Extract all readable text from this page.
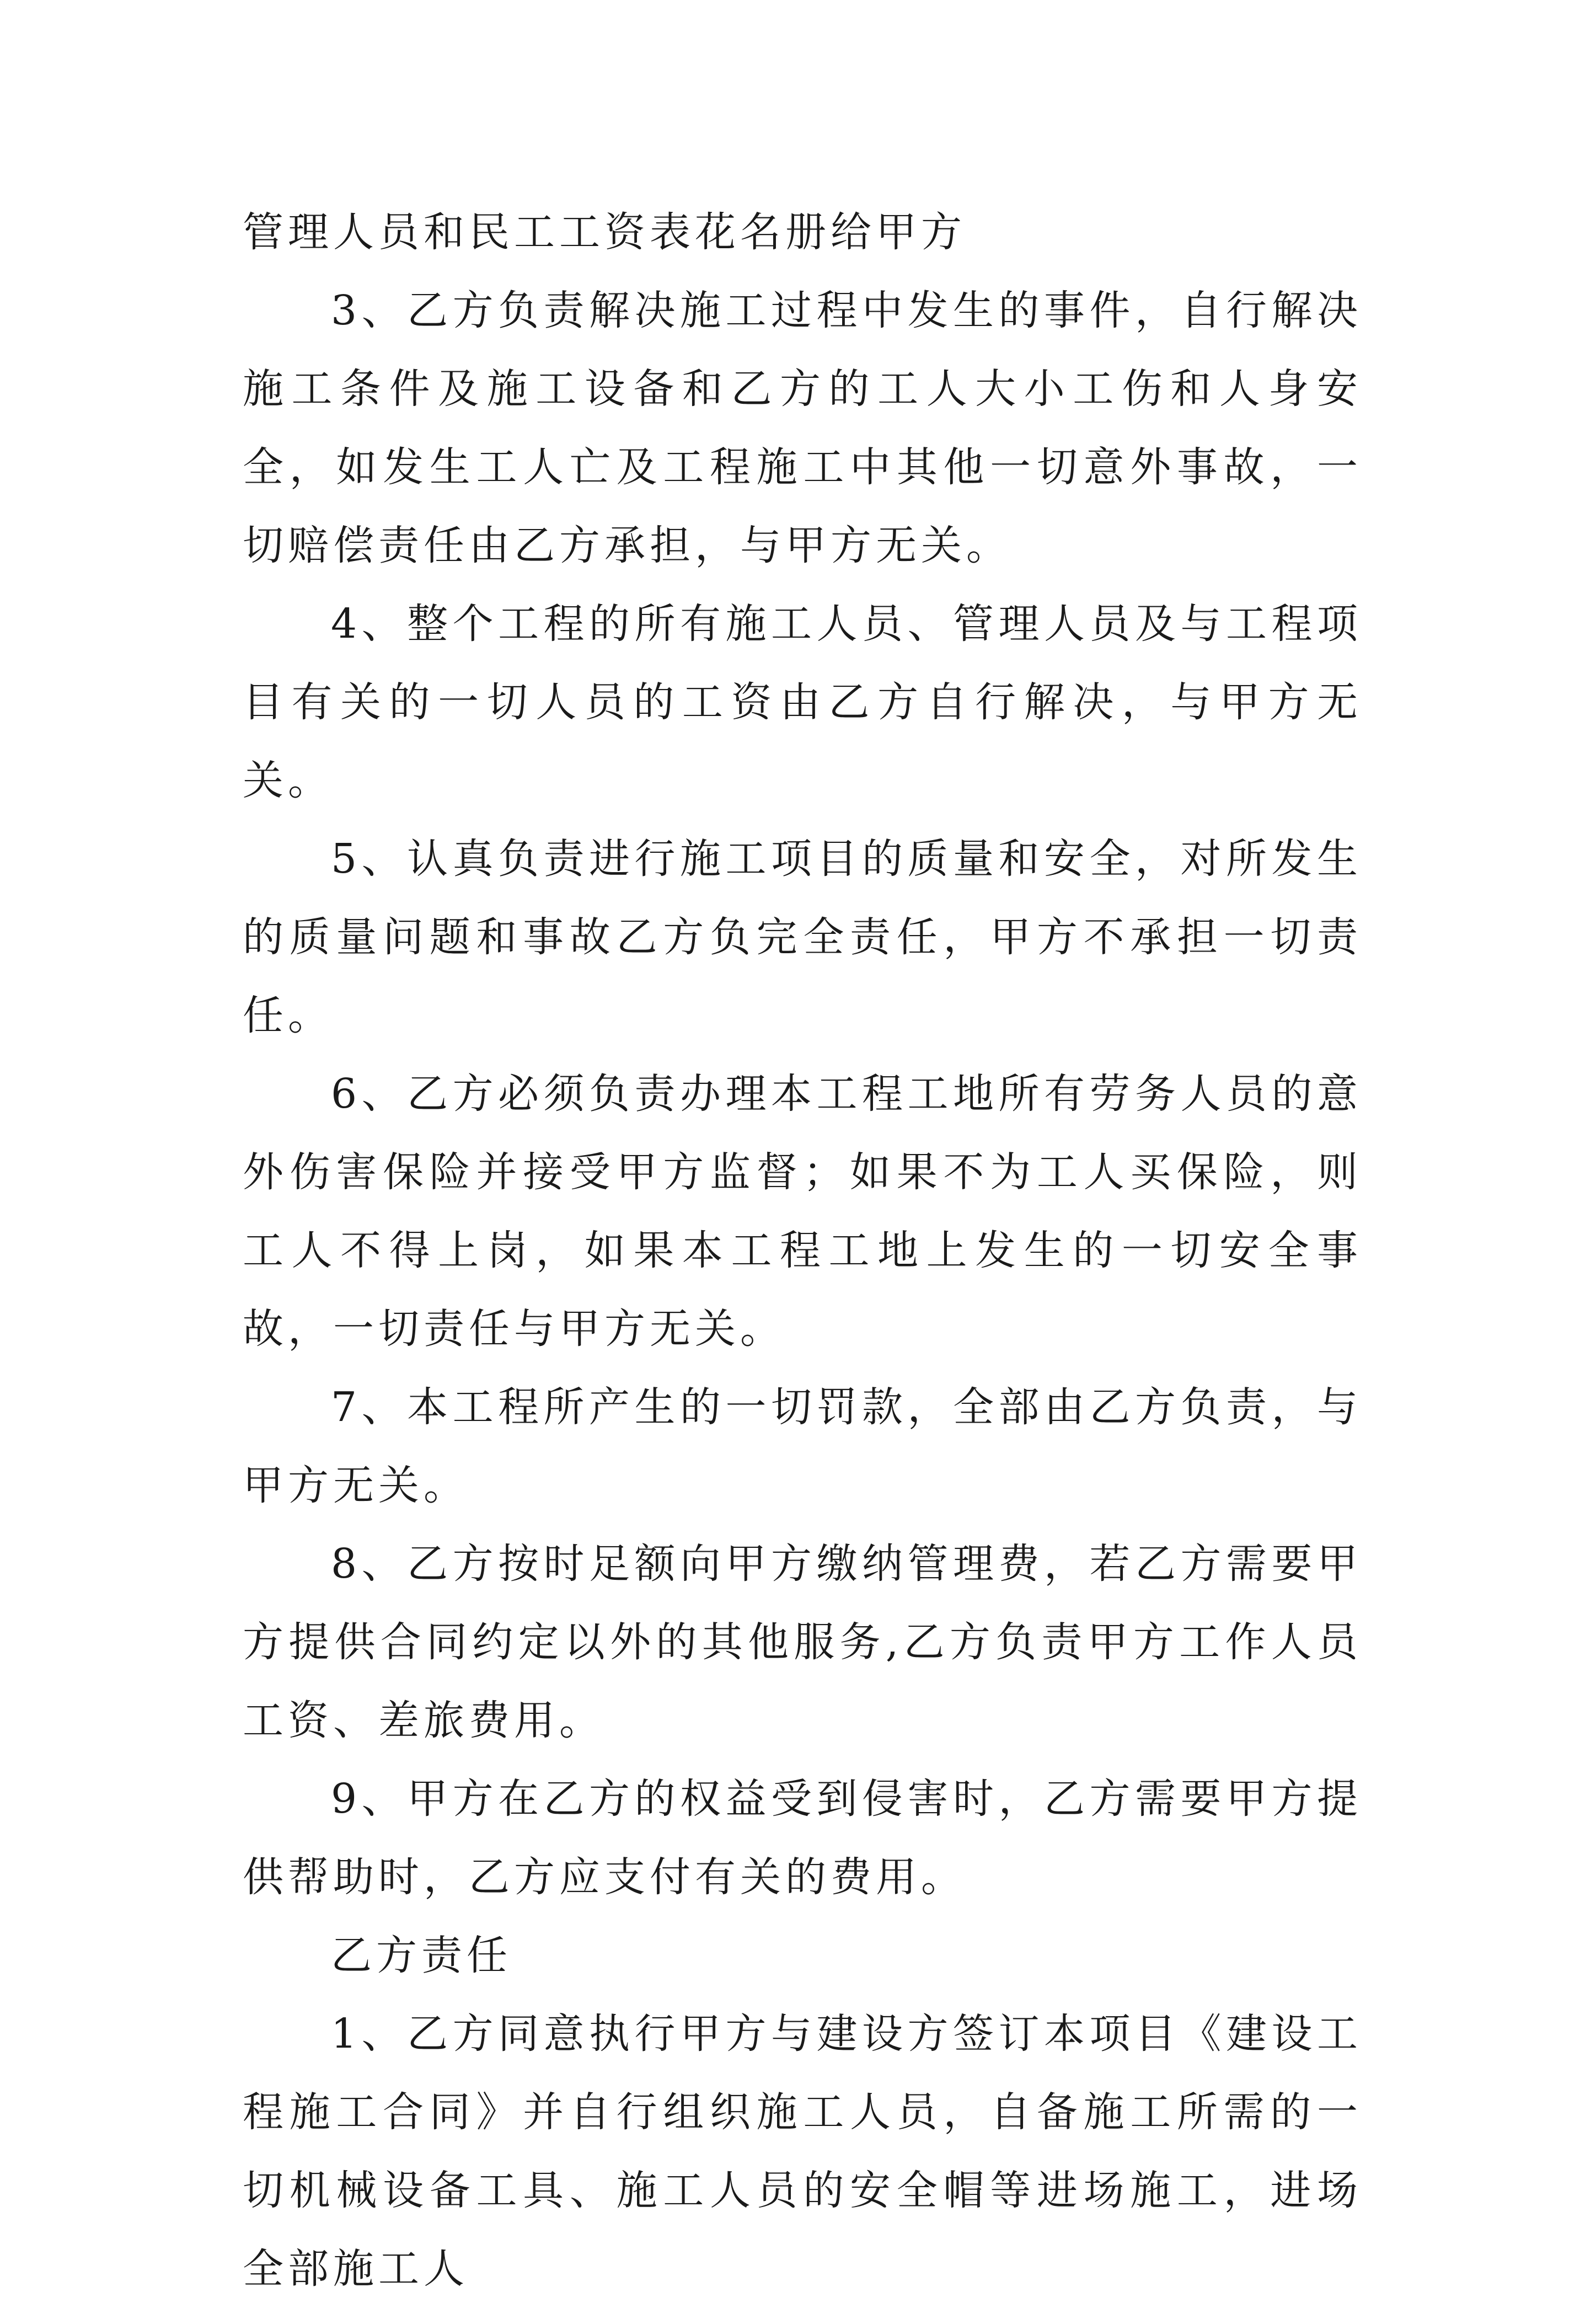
管理人员和民工工资表花名册给甲方

3、乙方负责解决施工过程中发生的事件，自行解决施工条件及施工设备和乙方的工人大小工伤和人身安全，如发生工人亡及工程施工中其他一切意外事故，一切赔偿责任由乙方承担，与甲方无关。

4、整个工程的所有施工人员、管理人员及与工程项目有关的一切人员的工资由乙方自行解决，与甲方无关。

5、认真负责进行施工项目的质量和安全，对所发生的质量问题和事故乙方负完全责任，甲方不承担一切责任。

6、乙方必须负责办理本工程工地所有劳务人员的意外伤害保险并接受甲方监督；如果不为工人买保险，则工人不得上岗，如果本工程工地上发生的一切安全事故，一切责任与甲方无关。

7、本工程所产生的一切罚款，全部由乙方负责，与甲方无关。

8、乙方按时足额向甲方缴纳管理费，若乙方需要甲方提供合同约定以外的其他服务,乙方负责甲方工作人员工资、差旅费用。

9、甲方在乙方的权益受到侵害时，乙方需要甲方提供帮助时，乙方应支付有关的费用。

乙方责任

1、乙方同意执行甲方与建设方签订本项目《建设工程施工合同》并自行组织施工人员，自备施工所需的一切机械设备工具、施工人员的安全帽等进场施工，进场全部施工人
